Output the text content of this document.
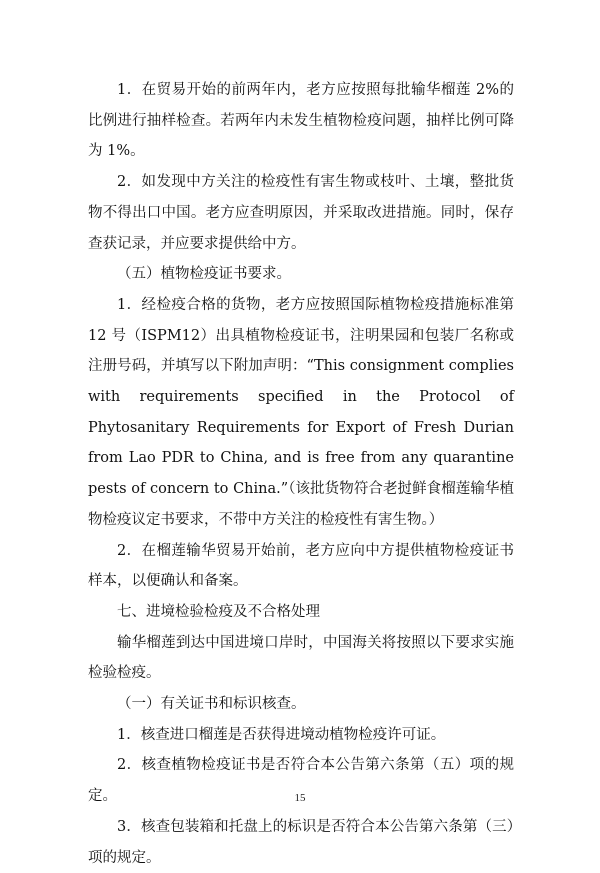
1．在贸易开始的前两年内，老方应按照每批输华榴莲 2%的比例进行抽样检查。若两年内未发生植物检疫问题，抽样比例可降为 1%。

2．如发现中方关注的检疫性有害生物或枝叶、土壤，整批货物不得出口中国。老方应查明原因，并采取改进措施。同时，保存查获记录，并应要求提供给中方。

（五）植物检疫证书要求。

1．经检疫合格的货物，老方应按照国际植物检疫措施标准第 12 号（ISPM12）出具植物检疫证书，注明果园和包装厂名称或注册号码，并填写以下附加声明：“This consignment complies with requirements specified in the Protocol of Phytosanitary Requirements for Export of Fresh Durian from Lao PDR to China, and is free from any quarantine pests of concern to China.”（该批货物符合老挝鲜食榴莲输华植物检疫议定书要求，不带中方关注的检疫性有害生物。）

2．在榴莲输华贸易开始前，老方应向中方提供植物检疫证书样本，以便确认和备案。

七、进境检验检疫及不合格处理

输华榴莲到达中国进境口岸时，中国海关将按照以下要求实施检验检疫。

（一）有关证书和标识核查。

1．核查进口榴莲是否获得进境动植物检疫许可证。

2．核查植物检疫证书是否符合本公告第六条第（五）项的规定。

3．核查包装箱和托盘上的标识是否符合本公告第六条第（三）项的规定。

15
